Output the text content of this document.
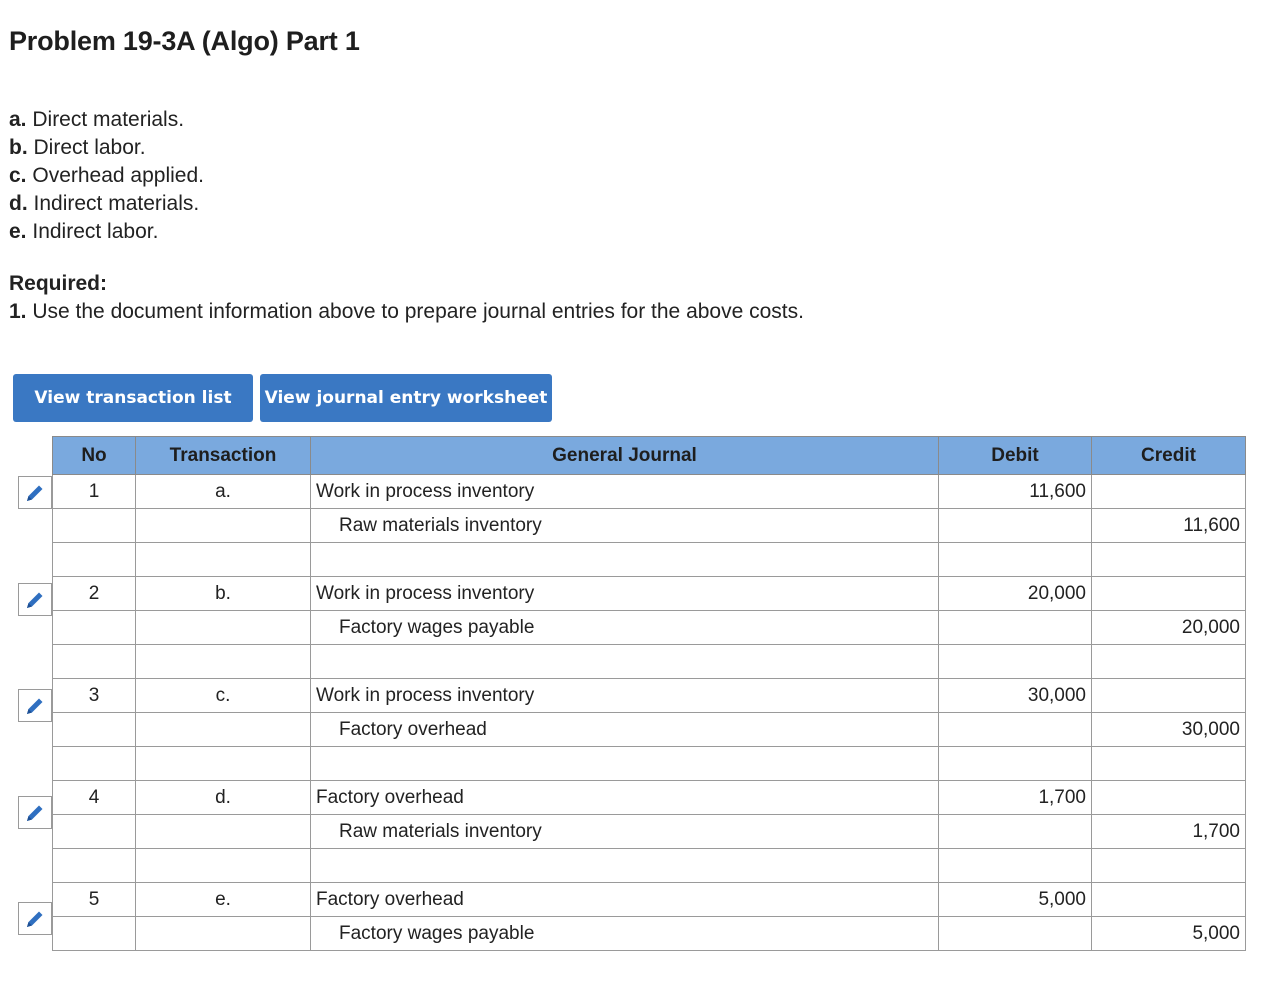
Problem 19-3A (Algo) Part 1
a. Direct materials.
b. Direct labor.
c. Overhead applied.
d. Indirect materials.
e. Indirect labor.
Required:
1. Use the document information above to prepare journal entries for the above costs.
View transaction list	View journal entry worksheet
No	Transaction	General Journal	Debit	Credit
1	a.	Work in process inventory	11,600	
		Raw materials inventory		11,600

2	b.	Work in process inventory	20,000	
		Factory wages payable		20,000

3	c.	Work in process inventory	30,000	
		Factory overhead		30,000

4	d.	Factory overhead	1,700	
		Raw materials inventory		1,700

5	e.	Factory overhead	5,000	
		Factory wages payable		5,000
